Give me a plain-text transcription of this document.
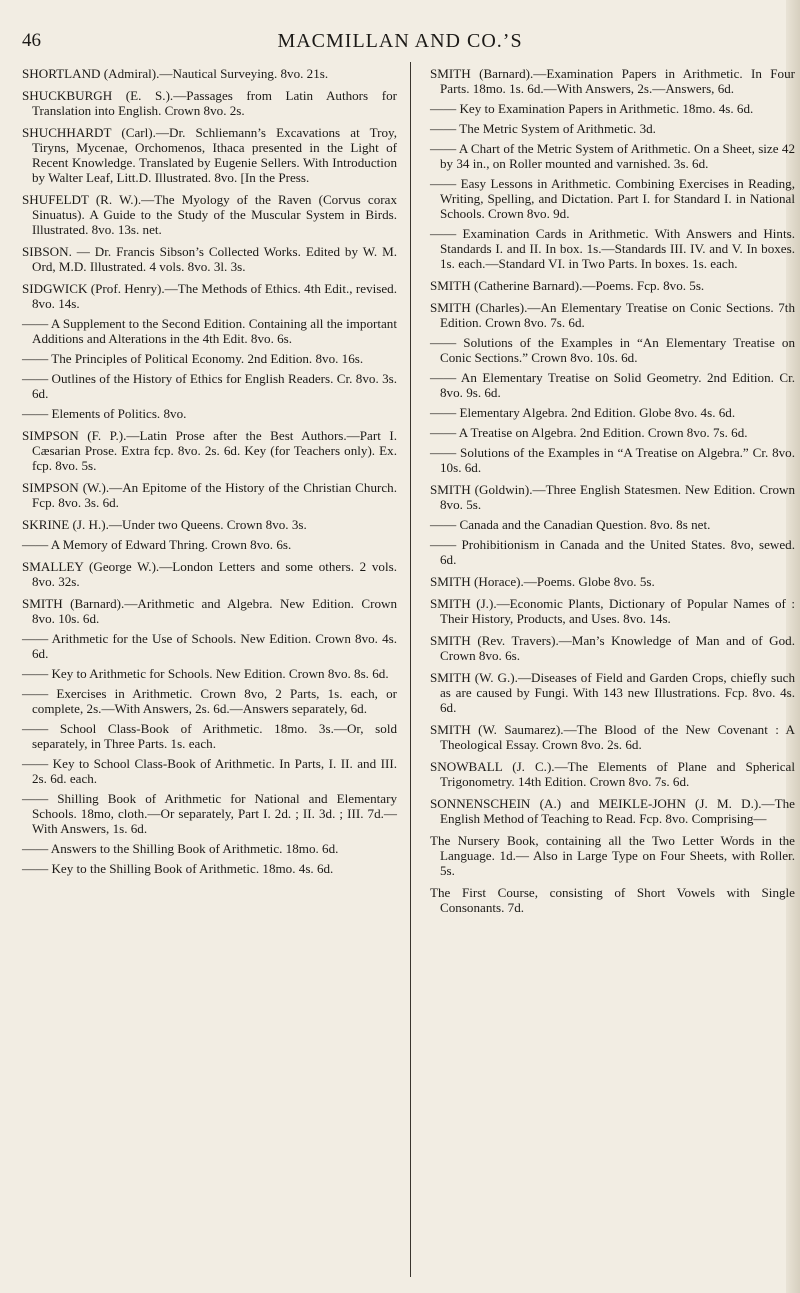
46	MACMILLAN AND CO.’S

SHORTLAND (Admiral).—Nautical Surveying. 8vo. 21s.

SHUCKBURGH (E. S.).—Passages from Latin Authors for Translation into English. Crown 8vo. 2s.

SHUCHHARDT (Carl).—Dr. Schliemann’s Excavations at Troy, Tiryns, Mycenae, Orchomenos, Ithaca presented in the Light of Recent Knowledge. Translated by Eugenie Sellers. With Introduction by Walter Leaf, Litt.D. Illustrated. 8vo. [In the Press.

SHUFELDT (R. W.).—The Myology of the Raven (Corvus corax Sinuatus). A Guide to the Study of the Muscular System in Birds. Illustrated. 8vo. 13s. net.

SIBSON. — Dr. Francis Sibson’s Collected Works. Edited by W. M. Ord, M.D. Illustrated. 4 vols. 8vo. 3l. 3s.

SIDGWICK (Prof. Henry).—The Methods of Ethics. 4th Edit., revised. 8vo. 14s.

—— A Supplement to the Second Edition. Containing all the important Additions and Alterations in the 4th Edit. 8vo. 6s.

—— The Principles of Political Economy. 2nd Edition. 8vo. 16s.

—— Outlines of the History of Ethics for English Readers. Cr. 8vo. 3s. 6d.

—— Elements of Politics. 8vo.

SIMPSON (F. P.).—Latin Prose after the Best Authors.—Part I. Cæsarian Prose. Extra fcp. 8vo. 2s. 6d. Key (for Teachers only). Ex. fcp. 8vo. 5s.

SIMPSON (W.).—An Epitome of the History of the Christian Church. Fcp. 8vo. 3s. 6d.

SKRINE (J. H.).—Under two Queens. Crown 8vo. 3s.

—— A Memory of Edward Thring. Crown 8vo. 6s.

SMALLEY (George W.).—London Letters and some others. 2 vols. 8vo. 32s.

SMITH (Barnard).—Arithmetic and Algebra. New Edition. Crown 8vo. 10s. 6d.

—— Arithmetic for the Use of Schools. New Edition. Crown 8vo. 4s. 6d.

—— Key to Arithmetic for Schools. New Edition. Crown 8vo. 8s. 6d.

—— Exercises in Arithmetic. Crown 8vo, 2 Parts, 1s. each, or complete, 2s.—With Answers, 2s. 6d.—Answers separately, 6d.

—— School Class-Book of Arithmetic. 18mo. 3s.—Or, sold separately, in Three Parts. 1s. each.

—— Key to School Class-Book of Arithmetic. In Parts, I. II. and III. 2s. 6d. each.

—— Shilling Book of Arithmetic for National and Elementary Schools. 18mo, cloth.—Or separately, Part I. 2d. ; II. 3d. ; III. 7d.—With Answers, 1s. 6d.

—— Answers to the Shilling Book of Arithmetic. 18mo. 6d.

—— Key to the Shilling Book of Arithmetic. 18mo. 4s. 6d.

SMITH (Barnard).—Examination Papers in Arithmetic. In Four Parts. 18mo. 1s. 6d.—With Answers, 2s.—Answers, 6d.

—— Key to Examination Papers in Arithmetic. 18mo. 4s. 6d.

—— The Metric System of Arithmetic. 3d.

—— A Chart of the Metric System of Arithmetic. On a Sheet, size 42 by 34 in., on Roller mounted and varnished. 3s. 6d.

—— Easy Lessons in Arithmetic. Combining Exercises in Reading, Writing, Spelling, and Dictation. Part I. for Standard I. in National Schools. Crown 8vo. 9d.

—— Examination Cards in Arithmetic. With Answers and Hints. Standards I. and II. In box. 1s.—Standards III. IV. and V. In boxes. 1s. each.—Standard VI. in Two Parts. In boxes. 1s. each.

SMITH (Catherine Barnard).—Poems. Fcp. 8vo. 5s.

SMITH (Charles).—An Elementary Treatise on Conic Sections. 7th Edition. Crown 8vo. 7s. 6d.

—— Solutions of the Examples in “An Elementary Treatise on Conic Sections.” Crown 8vo. 10s. 6d.

—— An Elementary Treatise on Solid Geometry. 2nd Edition. Cr. 8vo. 9s. 6d.

—— Elementary Algebra. 2nd Edition. Globe 8vo. 4s. 6d.

—— A Treatise on Algebra. 2nd Edition. Crown 8vo. 7s. 6d.

—— Solutions of the Examples in “A Treatise on Algebra.” Cr. 8vo. 10s. 6d.

SMITH (Goldwin).—Three English Statesmen. New Edition. Crown 8vo. 5s.

—— Canada and the Canadian Question. 8vo. 8s net.

—— Prohibitionism in Canada and the United States. 8vo, sewed. 6d.

SMITH (Horace).—Poems. Globe 8vo. 5s.

SMITH (J.).—Economic Plants, Dictionary of Popular Names of : Their History, Products, and Uses. 8vo. 14s.

SMITH (Rev. Travers).—Man’s Knowledge of Man and of God. Crown 8vo. 6s.

SMITH (W. G.).—Diseases of Field and Garden Crops, chiefly such as are caused by Fungi. With 143 new Illustrations. Fcp. 8vo. 4s. 6d.

SMITH (W. Saumarez).—The Blood of the New Covenant : A Theological Essay. Crown 8vo. 2s. 6d.

SNOWBALL (J. C.).—The Elements of Plane and Spherical Trigonometry. 14th Edition. Crown 8vo. 7s. 6d.

SONNENSCHEIN (A.) and MEIKLE-JOHN (J. M. D.).—The English Method of Teaching to Read. Fcp. 8vo. Comprising—

The Nursery Book, containing all the Two Letter Words in the Language. 1d.— Also in Large Type on Four Sheets, with Roller. 5s.

The First Course, consisting of Short Vowels with Single Consonants. 7d.
